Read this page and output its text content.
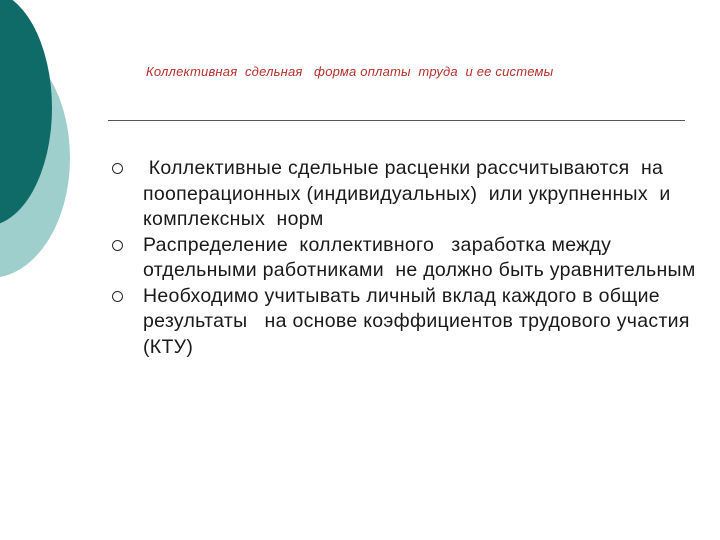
Коллективная  сдельная   форма оплаты  труда  и ее системы
Коллективные сдельные расценки рассчитываются  на  пооперационных (индивидуальных)  или укрупненных  и комплексных  норм
Распределение  коллективного   заработка между отдельными работниками  не должно быть уравнительным
Необходимо учитывать личный вклад каждого в общие результаты   на основе коэффициентов трудового участия (КТУ)
